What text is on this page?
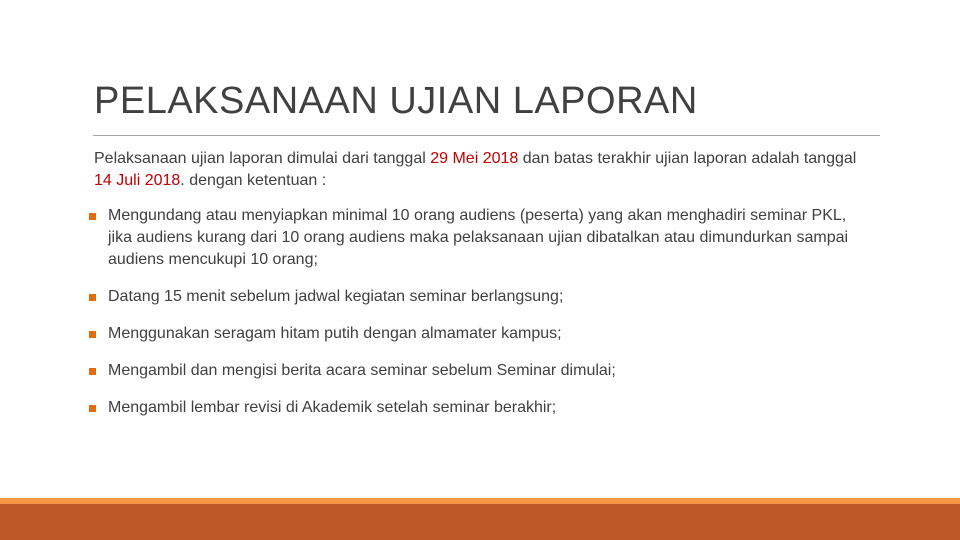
PELAKSANAAN UJIAN LAPORAN

Pelaksanaan ujian laporan dimulai dari tanggal 29 Mei 2018 dan batas terakhir ujian laporan adalah tanggal 14 Juli 2018. dengan ketentuan :

Mengundang atau menyiapkan minimal 10 orang audiens (peserta) yang akan menghadiri seminar PKL, jika audiens kurang dari 10 orang audiens maka pelaksanaan ujian dibatalkan atau dimundurkan sampai audiens mencukupi 10 orang;
Datang 15 menit sebelum jadwal kegiatan seminar berlangsung;
Menggunakan seragam hitam putih dengan almamater kampus;
Mengambil dan mengisi berita acara seminar sebelum Seminar dimulai;
Mengambil lembar revisi di Akademik setelah seminar berakhir;
